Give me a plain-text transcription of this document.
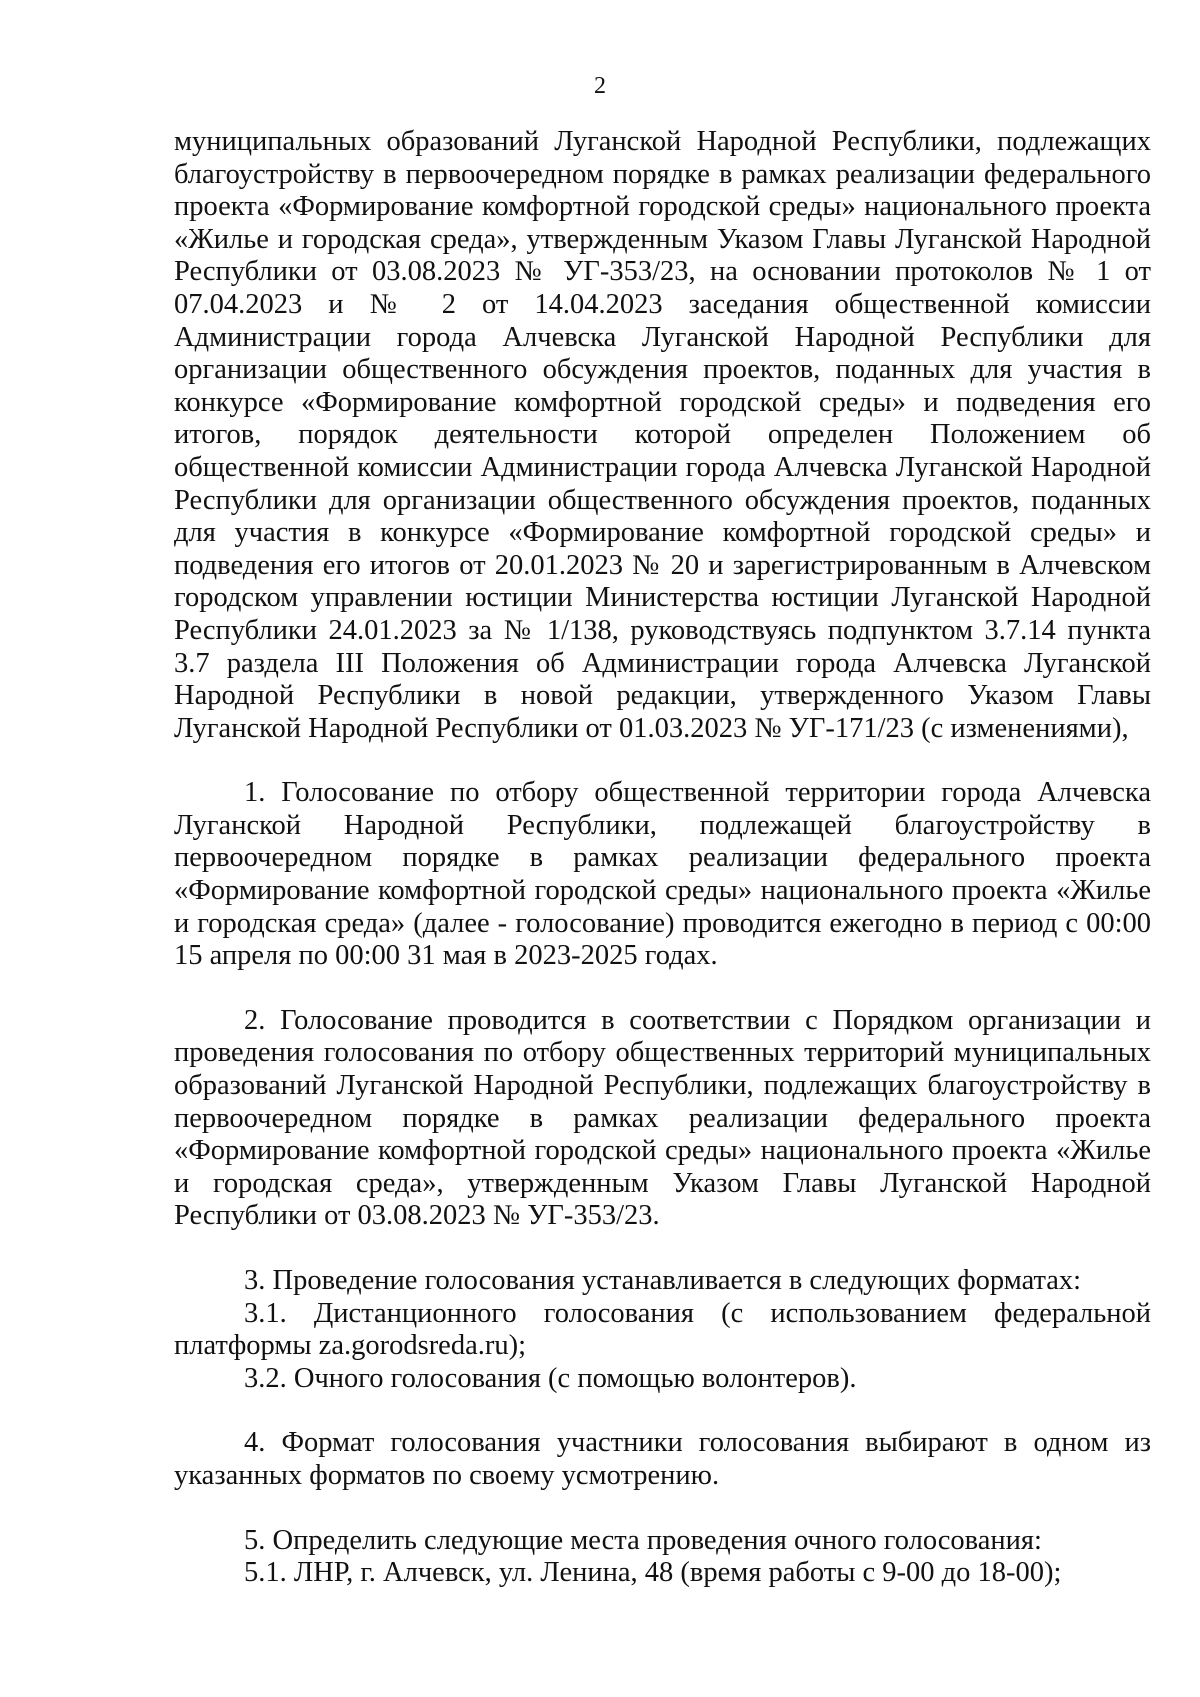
2

муниципальных образований Луганской Народной Республики, подлежащих благоустройству в первоочередном порядке в рамках реализации федерального проекта «Формирование комфортной городской среды» национального проекта «Жилье и городская среда», утвержденным Указом Главы Луганской Народной Республики от 03.08.2023 № УГ-353/23, на основании протоколов № 1 от 07.04.2023 и № 2 от 14.04.2023 заседания общественной комиссии Администрации города Алчевска Луганской Народной Республики для организации общественного обсуждения проектов, поданных для участия в конкурсе «Формирование комфортной городской среды» и подведения его итогов, порядок деятельности которой определен Положением об общественной комиссии Администрации города Алчевска Луганской Народной Республики для организации общественного обсуждения проектов, поданных для участия в конкурсе «Формирование комфортной городской среды» и подведения его итогов от 20.01.2023 № 20 и зарегистрированным в Алчевском городском управлении юстиции Министерства юстиции Луганской Народной Республики 24.01.2023 за № 1/138, руководствуясь подпунктом 3.7.14 пункта 3.7 раздела III Положения об Администрации города Алчевска Луганской Народной Республики в новой редакции, утвержденного Указом Главы Луганской Народной Республики от 01.03.2023 № УГ-171/23 (с изменениями),

1. Голосование по отбору общественной территории города Алчевска Луганской Народной Республики, подлежащей благоустройству в первоочередном порядке в рамках реализации федерального проекта «Формирование комфортной городской среды» национального проекта «Жилье и городская среда» (далее - голосование) проводится ежегодно в период с 00:00 15 апреля по 00:00 31 мая в 2023-2025 годах.

2. Голосование проводится в соответствии с Порядком организации и проведения голосования по отбору общественных территорий муниципальных образований Луганской Народной Республики, подлежащих благоустройству в первоочередном порядке в рамках реализации федерального проекта «Формирование комфортной городской среды» национального проекта «Жилье и городская среда», утвержденным Указом Главы Луганской Народной Республики от 03.08.2023 № УГ-353/23.

3. Проведение голосования устанавливается в следующих форматах:

3.1. Дистанционного голосования (с использованием федеральной платформы za.gorodsreda.ru);

3.2. Очного голосования (с помощью волонтеров).

4. Формат голосования участники голосования выбирают в одном из указанных форматов по своему усмотрению.

5. Определить следующие места проведения очного голосования:

5.1. ЛНР, г. Алчевск, ул. Ленина, 48 (время работы с 9-00 до 18-00);
